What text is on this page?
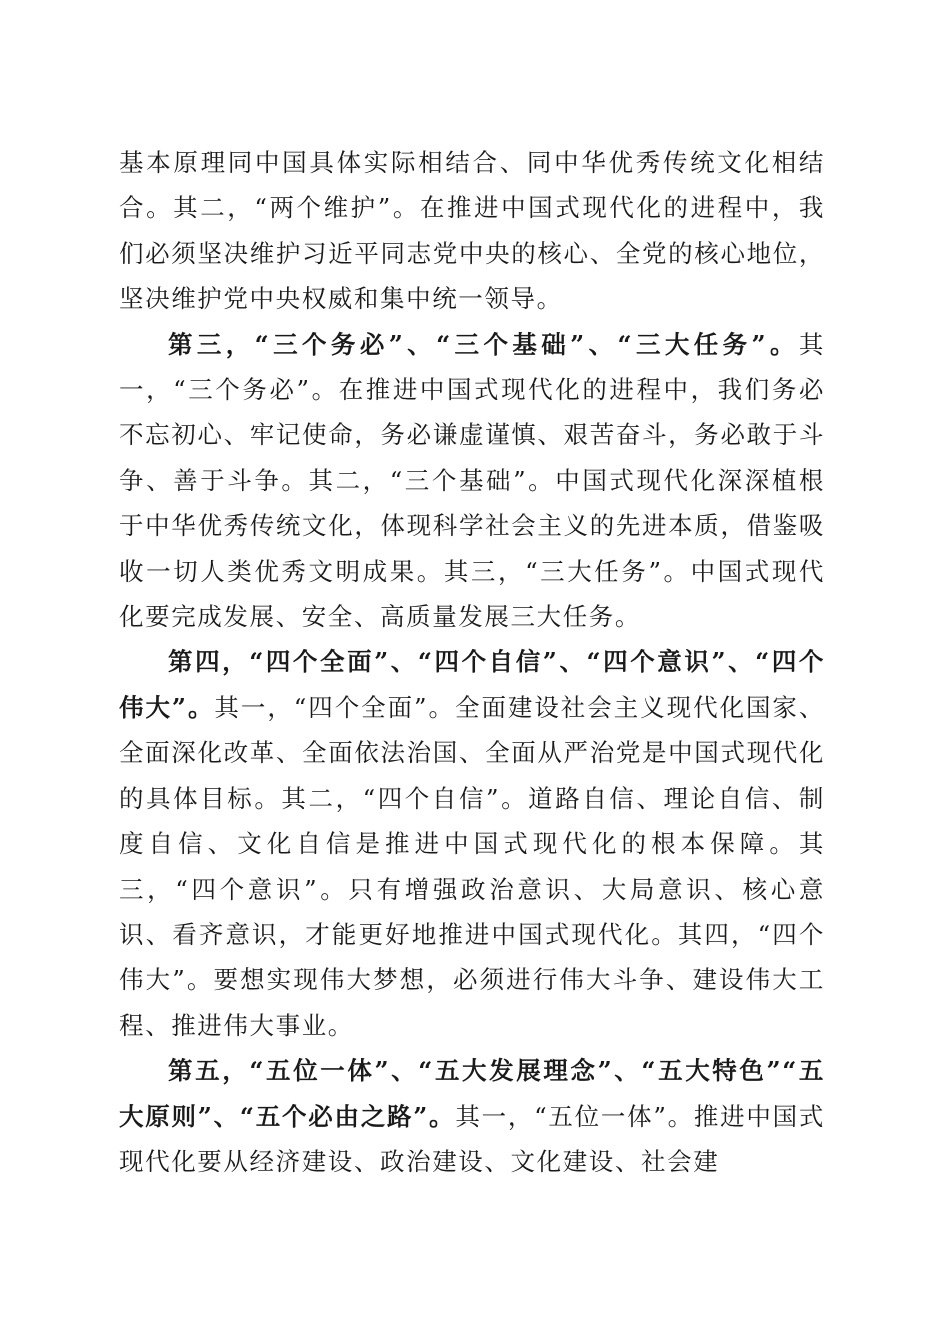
基本原理同中国具体实际相结合、同中华优秀传统文化相结合。其二，“两个维护”。在推进中国式现代化的进程中，我们必须坚决维护习近平同志党中央的核心、全党的核心地位，坚决维护党中央权威和集中统一领导。

第三，“三个务必”、“三个基础”、“三大任务”。其一，“三个务必”。在推进中国式现代化的进程中，我们务必不忘初心、牢记使命，务必谦虚谨慎、艰苦奋斗，务必敢于斗争、善于斗争。其二，“三个基础”。中国式现代化深深植根于中华优秀传统文化，体现科学社会主义的先进本质，借鉴吸收一切人类优秀文明成果。其三，“三大任务”。中国式现代化要完成发展、安全、高质量发展三大任务。

第四，“四个全面”、“四个自信”、“四个意识”、“四个伟大”。其一，“四个全面”。全面建设社会主义现代化国家、全面深化改革、全面依法治国、全面从严治党是中国式现代化的具体目标。其二，“四个自信”。道路自信、理论自信、制度自信、文化自信是推进中国式现代化的根本保障。其三，“四个意识”。只有增强政治意识、大局意识、核心意识、看齐意识，才能更好地推进中国式现代化。其四，“四个伟大”。要想实现伟大梦想，必须进行伟大斗争、建设伟大工程、推进伟大事业。

第五，“五位一体”、“五大发展理念”、“五大特色”“五大原则”、“五个必由之路”。其一，“五位一体”。推进中国式现代化要从经济建设、政治建设、文化建设、社会建
